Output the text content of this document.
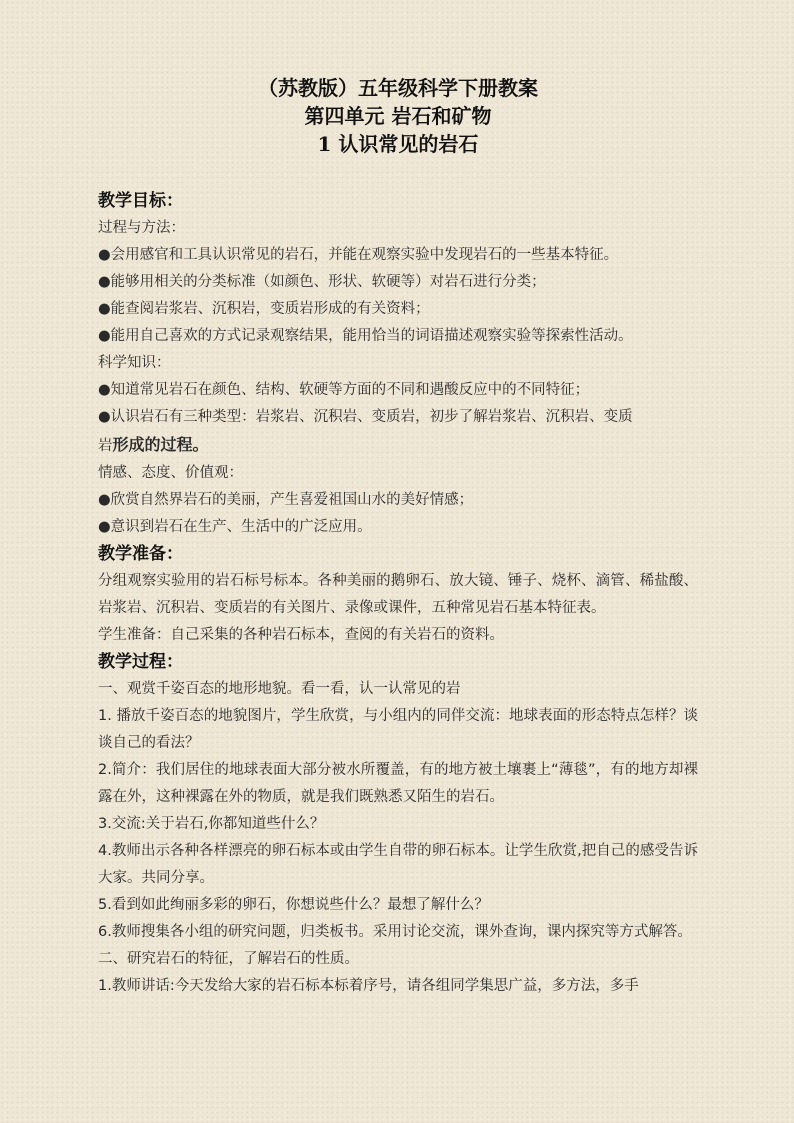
（苏教版）五年级科学下册教案
第四单元 岩石和矿物
1 认识常见的岩石
教学目标：
过程与方法：
●会用感官和工具认识常见的岩石，并能在观察实验中发现岩石的一些基本特征。
●能够用相关的分类标准（如颜色、形状、软硬等）对岩石进行分类；
●能查阅岩浆岩、沉积岩，变质岩形成的有关资料；
●能用自己喜欢的方式记录观察结果，能用恰当的词语描述观察实验等探索性活动。
科学知识：
●知道常见岩石在颜色、结构、软硬等方面的不同和遇酸反应中的不同特征；
●认识岩石有三种类型：岩浆岩、沉积岩、变质岩，初步了解岩浆岩、沉积岩、变质
岩形成的过程。
情感、态度、价值观：
●欣赏自然界岩石的美丽，产生喜爱祖国山水的美好情感；
●意识到岩石在生产、生活中的广泛应用。
教学准备：
分组观察实验用的岩石标号标本。各种美丽的鹅卵石、放大镜、锤子、烧杯、滴管、稀盐酸、岩浆岩、沉积岩、变质岩的有关图片、录像或课件，五种常见岩石基本特征表。
学生准备：自己采集的各种岩石标本，查阅的有关岩石的资料。
教学过程：
一、观赏千姿百态的地形地貌。看一看，认一认常见的岩
1. 播放千姿百态的地貌图片，学生欣赏，与小组内的同伴交流：地球表面的形态特点怎样？谈谈自己的看法？
2.简介：我们居住的地球表面大部分被水所覆盖，有的地方被土壤裹上“薄毯”，有的地方却裸露在外，这种裸露在外的物质，就是我们既熟悉又陌生的岩石。
3.交流:关于岩石,你都知道些什么？
4.教师出示各种各样漂亮的卵石标本或由学生自带的卵石标本。让学生欣赏,把自己的感受告诉大家。共同分享。
5.看到如此绚丽多彩的卵石，你想说些什么？最想了解什么？
6.教师搜集各小组的研究问题，归类板书。采用讨论交流，课外查询，课内探究等方式解答。
二、研究岩石的特征，了解岩石的性质。
1.教师讲话:今天发给大家的岩石标本标着序号，请各组同学集思广益，多方法，多手
